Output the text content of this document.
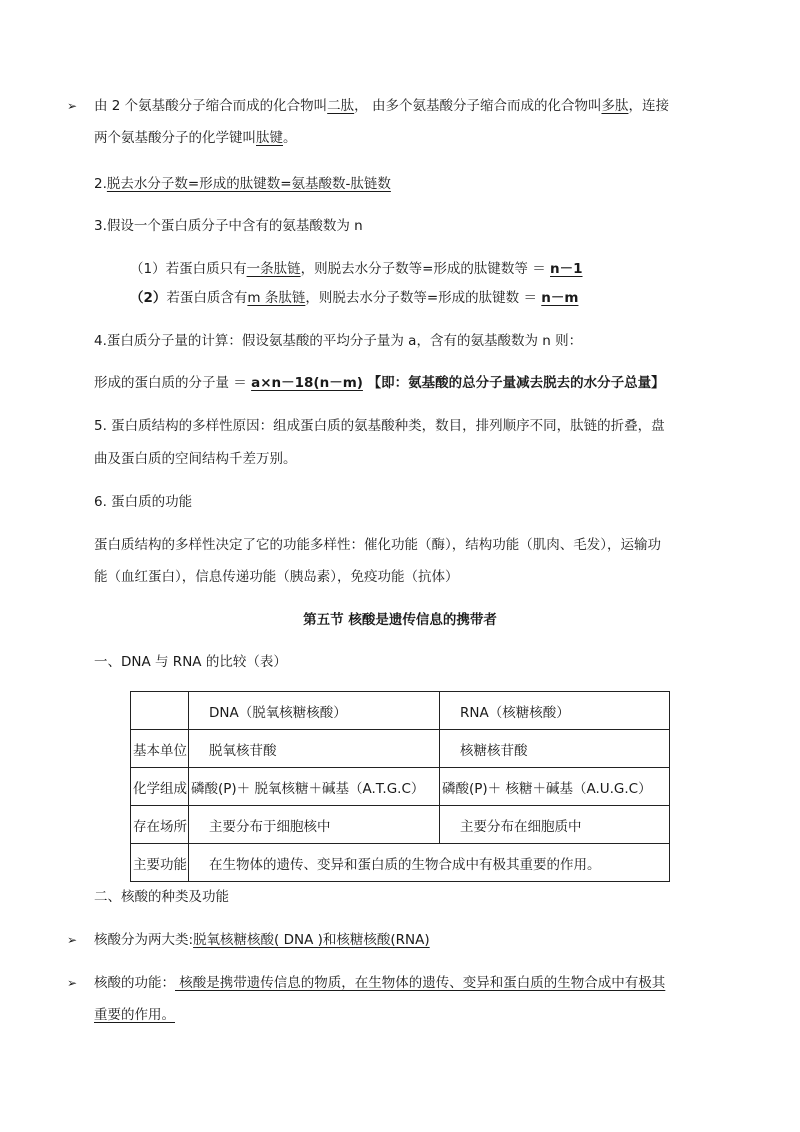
➢ 由 2 个氨基酸分子缩合而成的化合物叫二肽， 由多个氨基酸分子缩合而成的化合物叫多肽，连接
两个氨基酸分子的化学键叫肽键。
2.脱去水分子数=形成的肽键数=氨基酸数-肽链数
3.假设一个蛋白质分子中含有的氨基酸数为 n
（1）若蛋白质只有一条肽链，则脱去水分子数等=形成的肽键数等 ＝ n－1
（2）若蛋白质含有m 条肽链，则脱去水分子数等=形成的肽键数 ＝ n－m
4.蛋白质分子量的计算：假设氨基酸的平均分子量为 a，含有的氨基酸数为 n 则：
形成的蛋白质的分子量 ＝ a×n－18(n－m) 【即：氨基酸的总分子量减去脱去的水分子总量】
5. 蛋白质结构的多样性原因：组成蛋白质的氨基酸种类，数目，排列顺序不同，肽链的折叠，盘
曲及蛋白质的空间结构千差万别。
6. 蛋白质的功能
蛋白质结构的多样性决定了它的功能多样性：催化功能（酶），结构功能（肌肉、毛发），运输功
能（血红蛋白），信息传递功能（胰岛素），免疫功能（抗体）
第五节 核酸是遗传信息的携带者
一、DNA 与 RNA 的比较（表）
	DNA（脱氧核糖核酸）	RNA（核糖核酸）
基本单位	脱氧核苷酸	核糖核苷酸
化学组成	磷酸(P)＋ 脱氧核糖＋碱基（A.T.G.C）	磷酸(P)＋ 核糖＋碱基（A.U.G.C）
存在场所	主要分布于细胞核中	主要分布在细胞质中
主要功能	在生物体的遗传、变异和蛋白质的生物合成中有极其重要的作用。	
二、核酸的种类及功能
➢ 核酸分为两大类:脱氧核糖核酸( DNA )和核糖核酸(RNA)
➢ 核酸的功能： 核酸是携带遗传信息的物质，在生物体的遗传、变异和蛋白质的生物合成中有极其
重要的作用。
